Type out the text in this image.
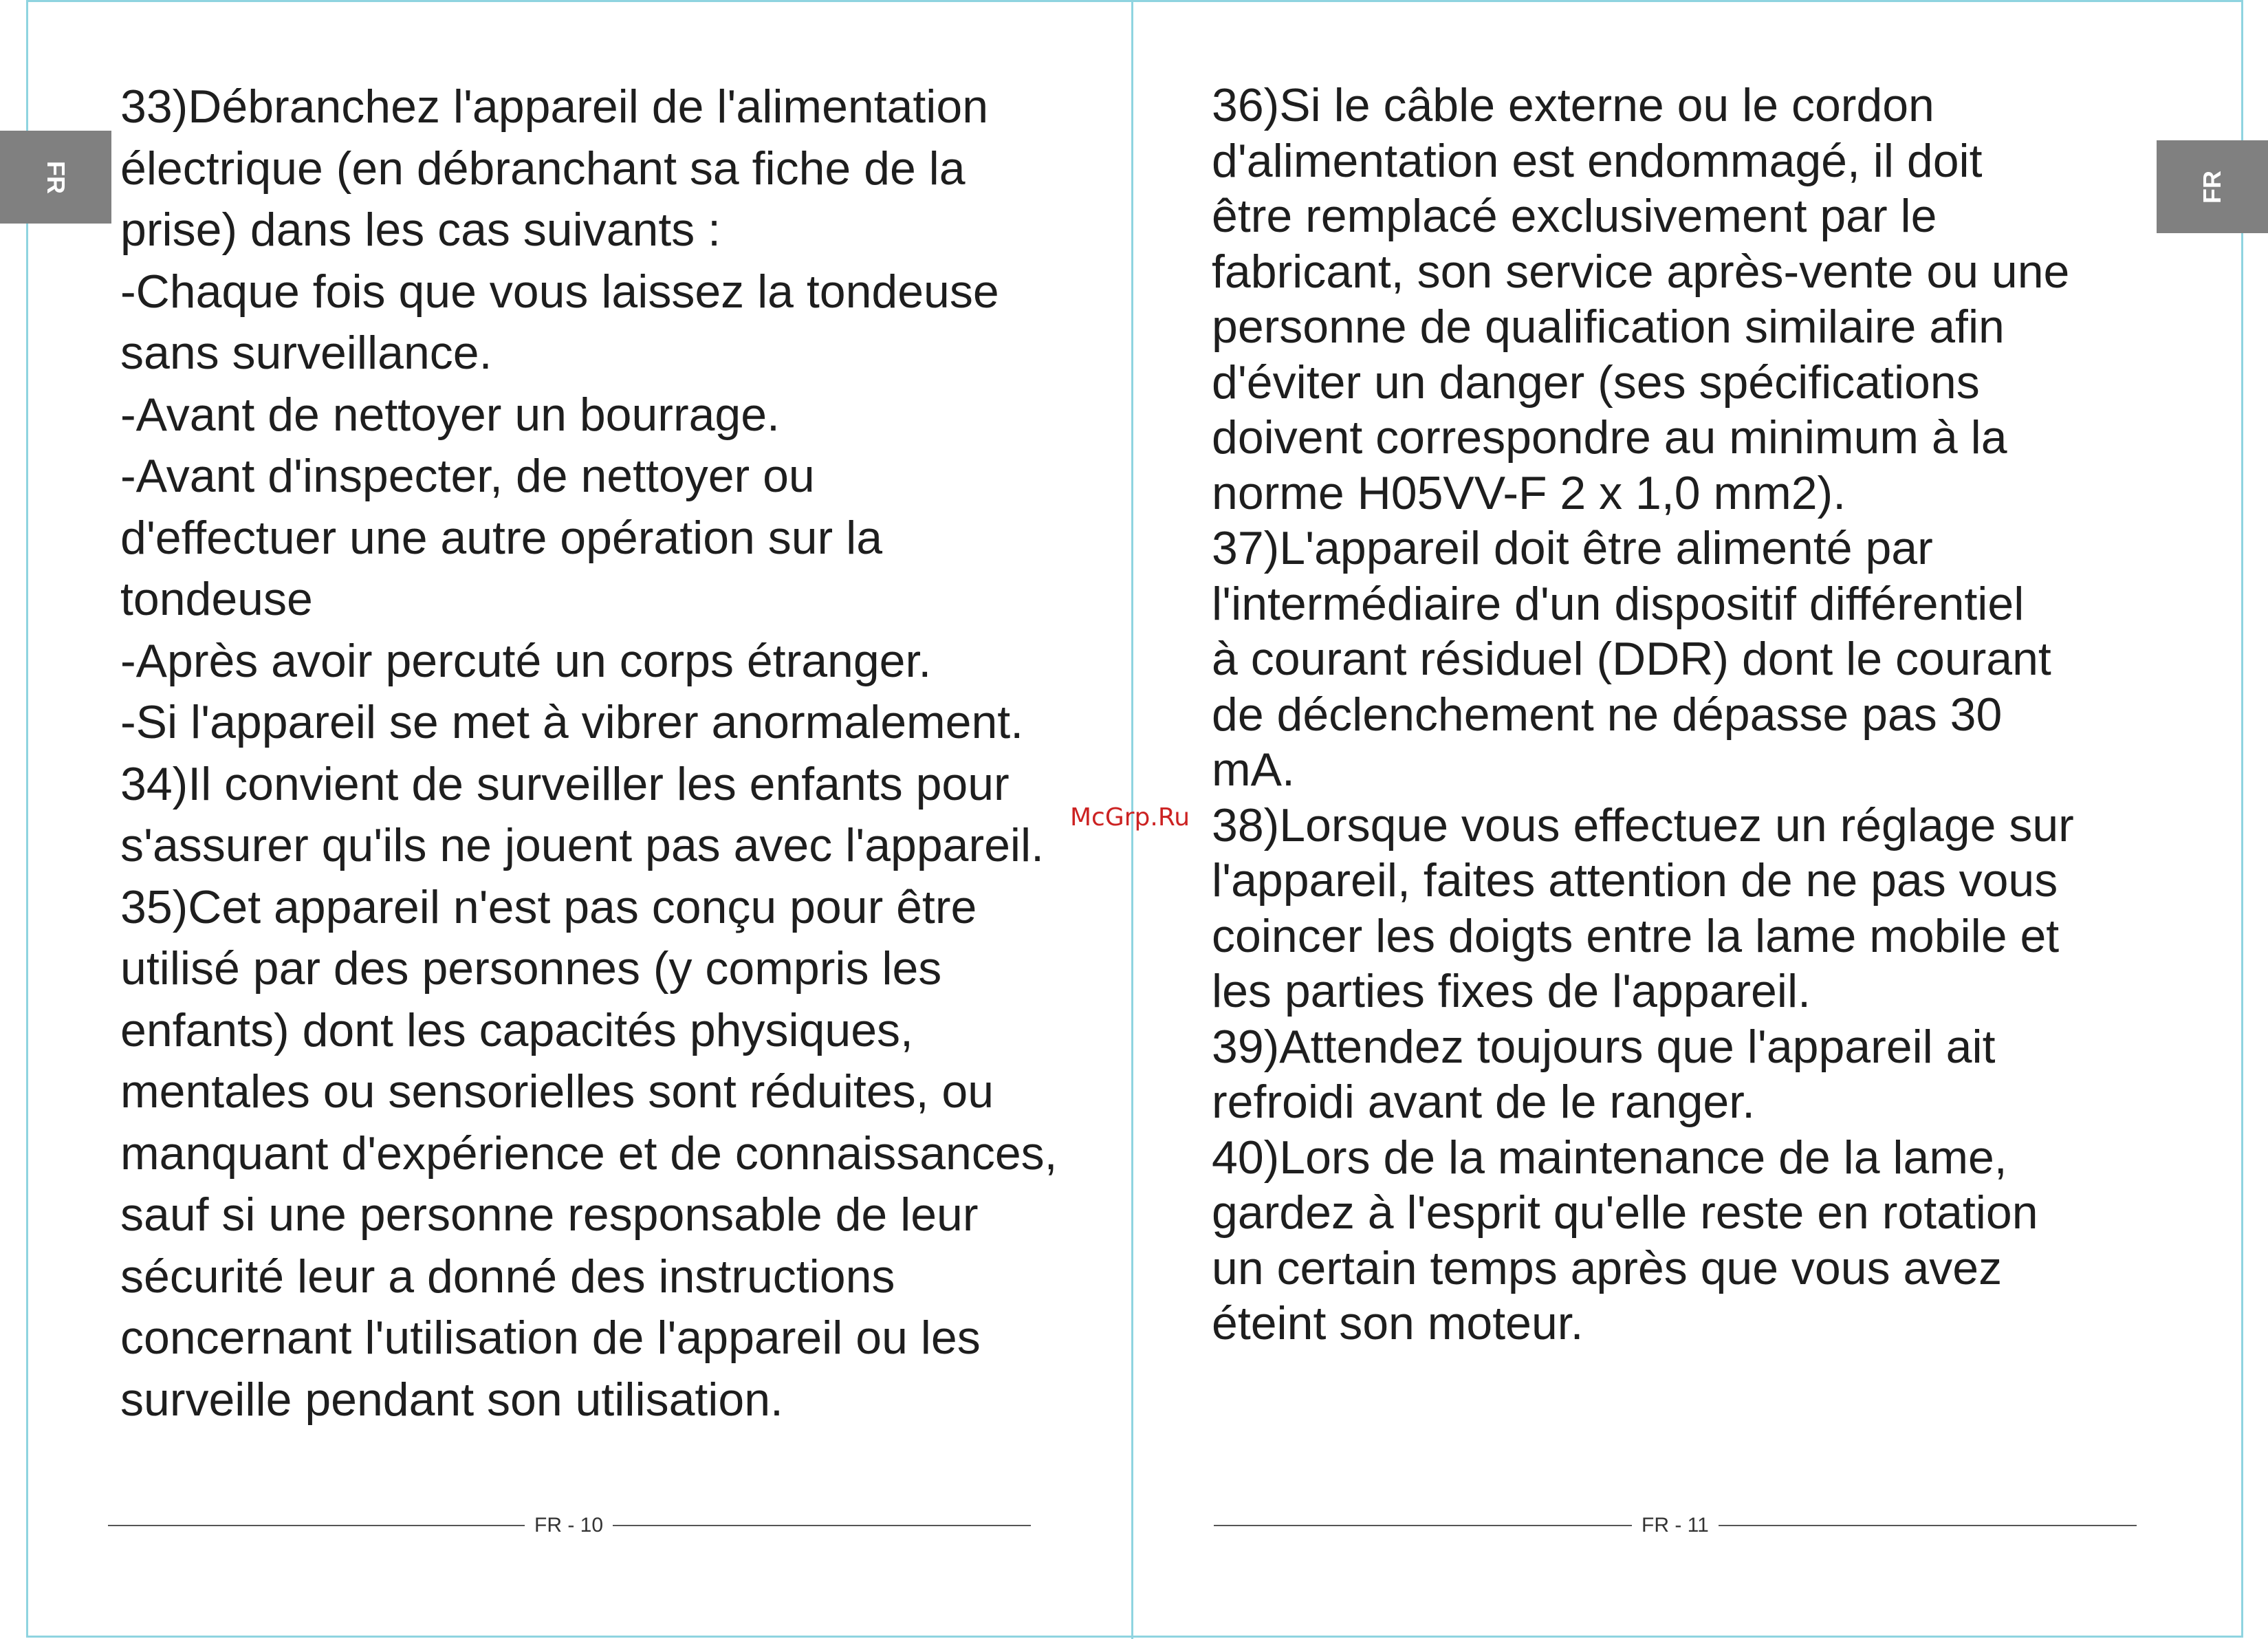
FR	FR
33)Débranchez l'appareil de l'alimentation
électrique (en débranchant sa fiche de la
prise) dans les cas suivants :
-Chaque fois que vous laissez la tondeuse
sans surveillance.
-Avant de nettoyer un bourrage.
-Avant d'inspecter, de nettoyer ou
d'effectuer une autre opération sur la
tondeuse
-Après avoir percuté un corps étranger.
-Si l'appareil se met à vibrer anormalement.
34)Il convient de surveiller les enfants pour
s'assurer qu'ils ne jouent pas avec l'appareil.
35)Cet appareil n'est pas conçu pour être
utilisé par des personnes (y compris les
enfants) dont les capacités physiques,
mentales ou sensorielles sont réduites, ou
manquant d'expérience et de connaissances,
sauf si une personne responsable de leur
sécurité leur a donné des instructions
concernant l'utilisation de l'appareil ou les
surveille pendant son utilisation.
36)Si le câble externe ou le cordon
d'alimentation est endommagé, il doit
être remplacé exclusivement par le
fabricant, son service après-vente ou une
personne de qualification similaire afin
d'éviter un danger (ses spécifications
doivent correspondre au minimum à la
norme H05VV-F 2 x 1,0 mm2).
37)L'appareil doit être alimenté par
l'intermédiaire d'un dispositif différentiel
à courant résiduel (DDR) dont le courant
de déclenchement ne dépasse pas 30
mA.
38)Lorsque vous effectuez un réglage sur
l'appareil, faites attention de ne pas vous
coincer les doigts entre la lame mobile et
les parties fixes de l'appareil.
39)Attendez toujours que l'appareil ait
refroidi avant de le ranger.
40)Lors de la maintenance de la lame,
gardez à l'esprit qu'elle reste en rotation
un certain temps après que vous avez
éteint son moteur.
McGrp.Ru
FR - 10	FR - 11
